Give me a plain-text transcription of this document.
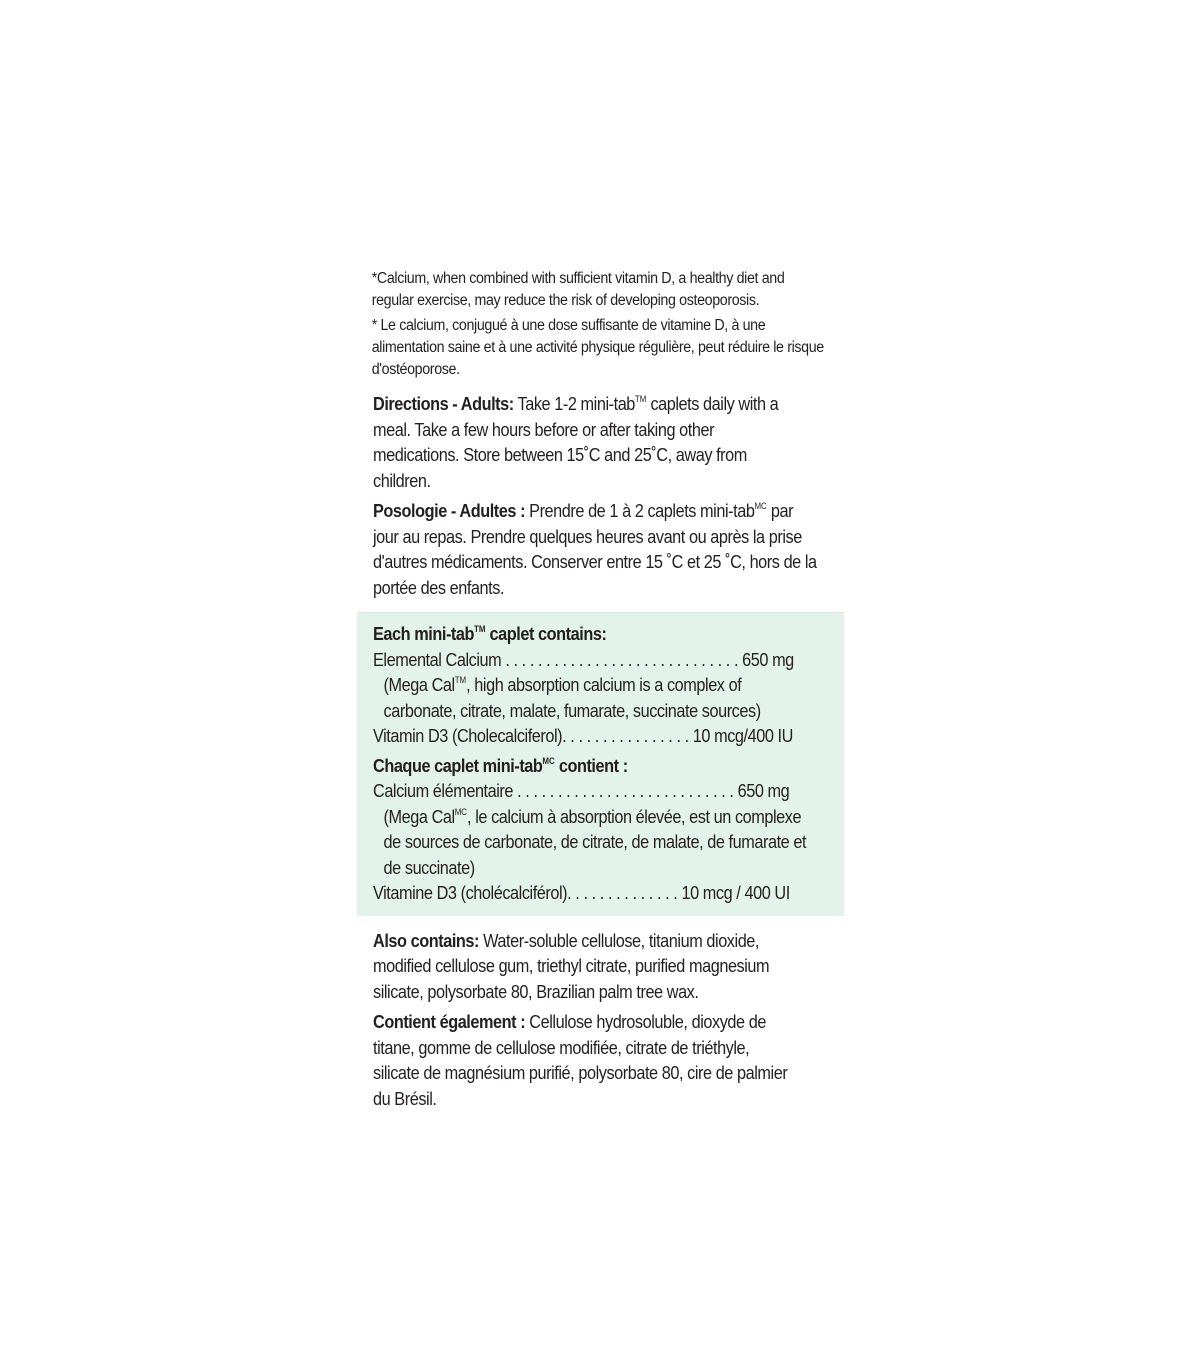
*Calcium, when combined with sufficient vitamin D, a healthy diet and regular exercise, may reduce the risk of developing osteoporosis.

* Le calcium, conjugué à une dose suffisante de vitamine D, à une alimentation saine et à une activité physique régulière, peut réduire le risque d'ostéoporose.

Directions - Adults: Take 1-2 mini-tab™ caplets daily with a meal. Take a few hours before or after taking other medications. Store between 15˚C and 25˚C, away from children.

Posologie - Adultes : Prendre de 1 à 2 caplets mini-tab$^{MC}$ par jour au repas. Prendre quelques heures avant ou après la prise d'autres médicaments. Conserver entre 15 ˚C et 25 ˚C, hors de la portée des enfants.

Each mini-tab™ caplet contains:
Elemental Calcium . . . . . . . . . . . . . . . . . . . . . . . . . . . . . 650 mg
(Mega Cal™, high absorption calcium is a complex of carbonate, citrate, malate, fumarate, succinate sources)
Vitamin D3 (Cholecalciferol). . . . . . . . . . . . . . . . 10 mcg/400 IU
Chaque caplet mini-tab$^{MC}$ contient :
Calcium élémentaire . . . . . . . . . . . . . . . . . . . . . . . . . . . 650 mg
(Mega Cal$^{MC}$, le calcium à absorption élevée, est un complexe de sources de carbonate, de citrate, de malate, de fumarate et de succinate)
Vitamine D3 (cholécalciférol). . . . . . . . . . . . . . 10 mcg / 400 UI

Also contains: Water-soluble cellulose, titanium dioxide, modified cellulose gum, triethyl citrate, purified magnesium silicate, polysorbate 80, Brazilian palm tree wax.

Contient également : Cellulose hydrosoluble, dioxyde de titane, gomme de cellulose modifiée, citrate de triéthyle, silicate de magnésium purifié, polysorbate 80, cire de palmier du Brésil.
